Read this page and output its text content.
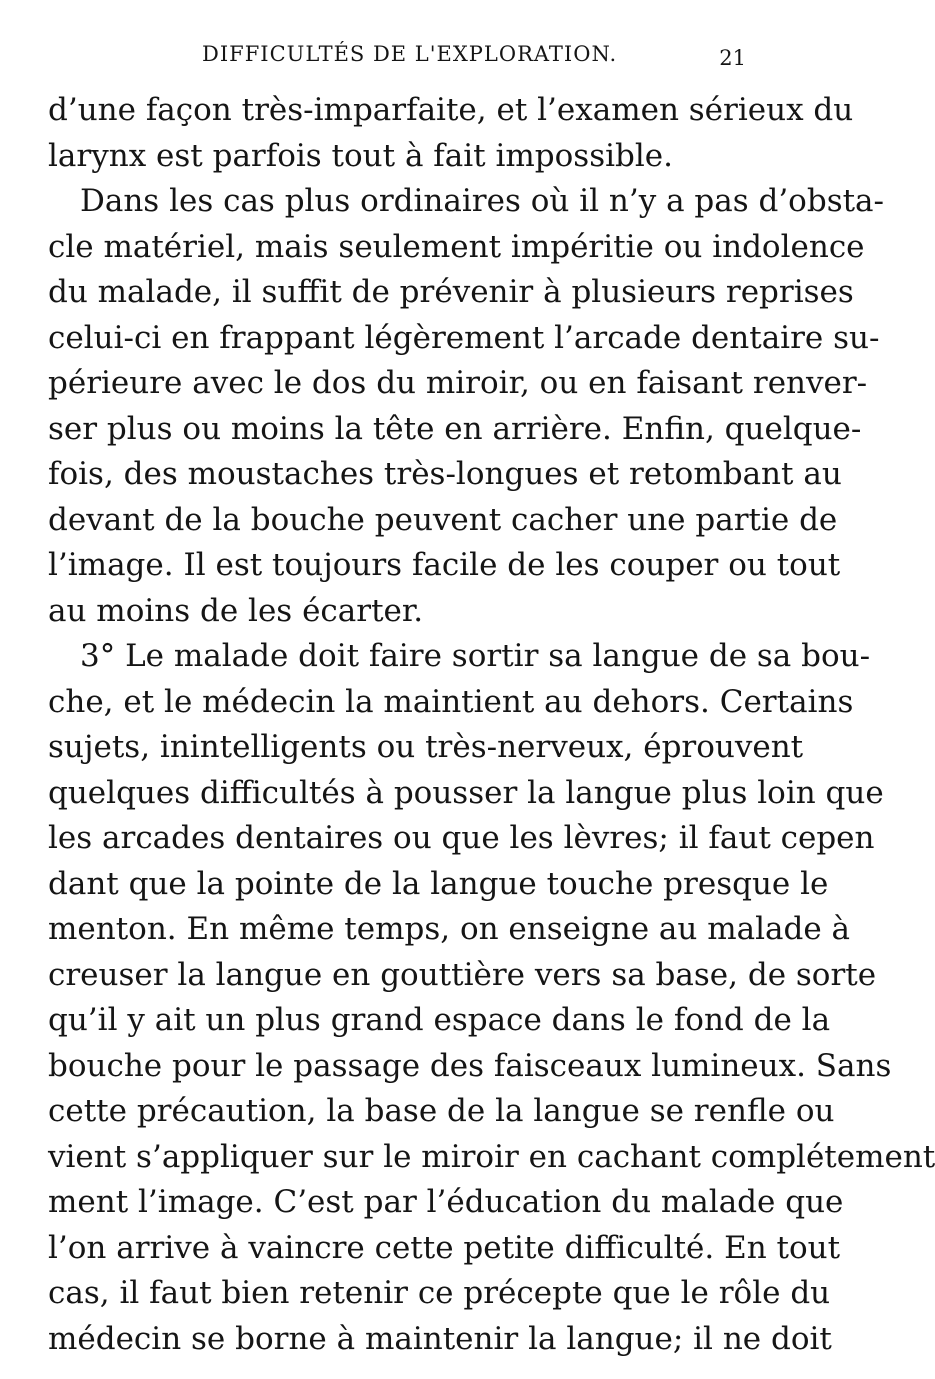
DIFFICULTÉS DE L'EXPLORATION.	21
d’une façon très-imparfaite, et l’examen sérieux du
larynx est parfois tout à fait impossible.
Dans les cas plus ordinaires où il n’y a pas d’obsta-
cle matériel, mais seulement impéritie ou indolence
du malade, il suffit de prévenir à plusieurs reprises
celui-ci en frappant légèrement l’arcade dentaire su-
périeure avec le dos du miroir, ou en faisant renver-
ser plus ou moins la tête en arrière. Enfin, quelque-
fois, des moustaches très-longues et retombant au
devant de la bouche peuvent cacher une partie de
l’image. Il est toujours facile de les couper ou tout
au moins de les écarter.
3° Le malade doit faire sortir sa langue de sa bou-
che, et le médecin la maintient au dehors. Certains
sujets, inintelligents ou très-nerveux, éprouvent
quelques difficultés à pousser la langue plus loin que
les arcades dentaires ou que les lèvres; il faut cepen
dant que la pointe de la langue touche presque le
menton. En même temps, on enseigne au malade à
creuser la langue en gouttière vers sa base, de sorte
qu’il y ait un plus grand espace dans le fond de la
bouche pour le passage des faisceaux lumineux. Sans
cette précaution, la base de la langue se renfle ou
vient s’appliquer sur le miroir en cachant complétement
ment l’image. C’est par l’éducation du malade que
l’on arrive à vaincre cette petite difficulté. En tout
cas, il faut bien retenir ce précepte que le rôle du
médecin se borne à maintenir la langue; il ne doit
